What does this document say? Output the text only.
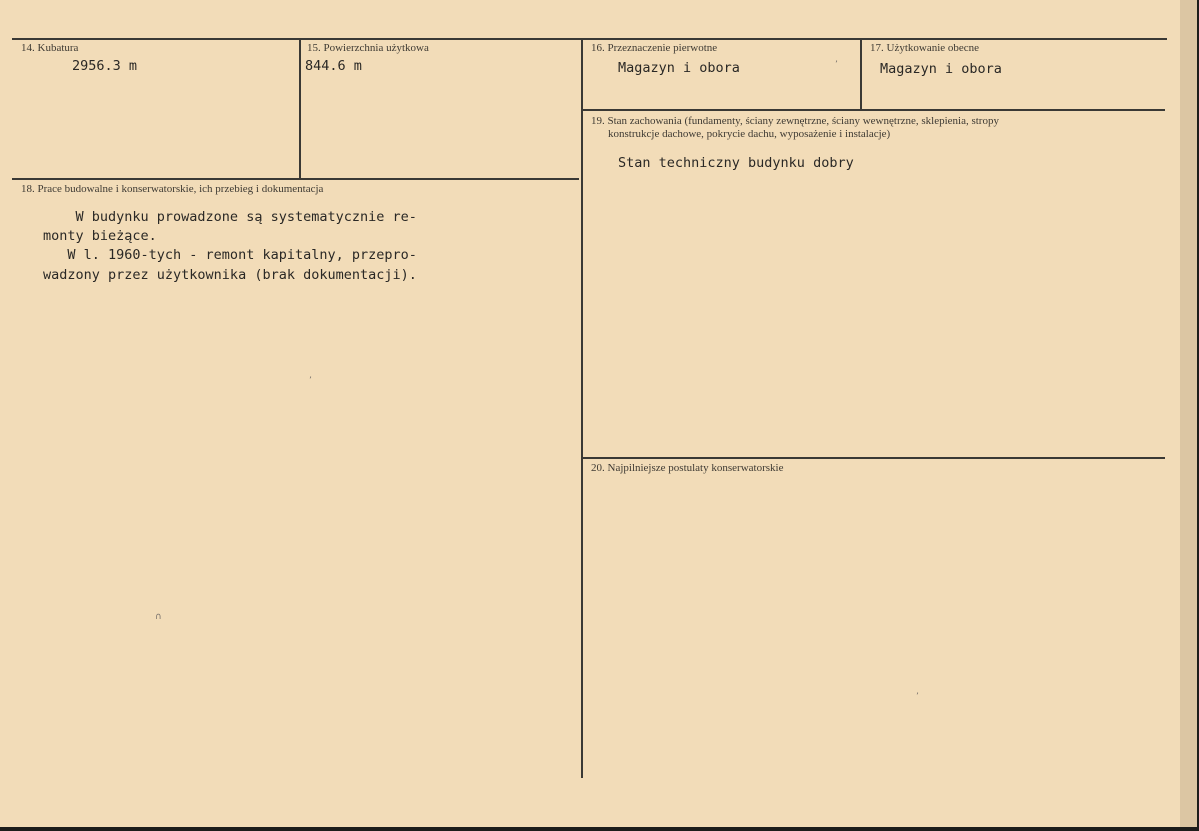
14. Kubatura
2956.3 m
15. Powierzchnia użytkowa
844.6 m
16. Przeznaczenie pierwotne
Magazyn i obora
17. Użytkowanie obecne
Magazyn i obora
19. Stan zachowania (fundamenty, ściany zewnętrzne, ściany wewnętrzne, sklepienia, stropy
konstrukcje dachowe, pokrycie dachu, wyposażenie i instalacje)
Stan techniczny budynku dobry
18. Prace budowalne i konserwatorskie, ich przebieg i dokumentacja
W budynku prowadzone są systematycznie re-
monty bieżące.
W l. 1960-tych - remont kapitalny, przepro-
wadzony przez użytkownika (brak dokumentacji).
20. Najpilniejsze postulaty konserwatorskie
ʼ
∩
ʼ
ʼ
